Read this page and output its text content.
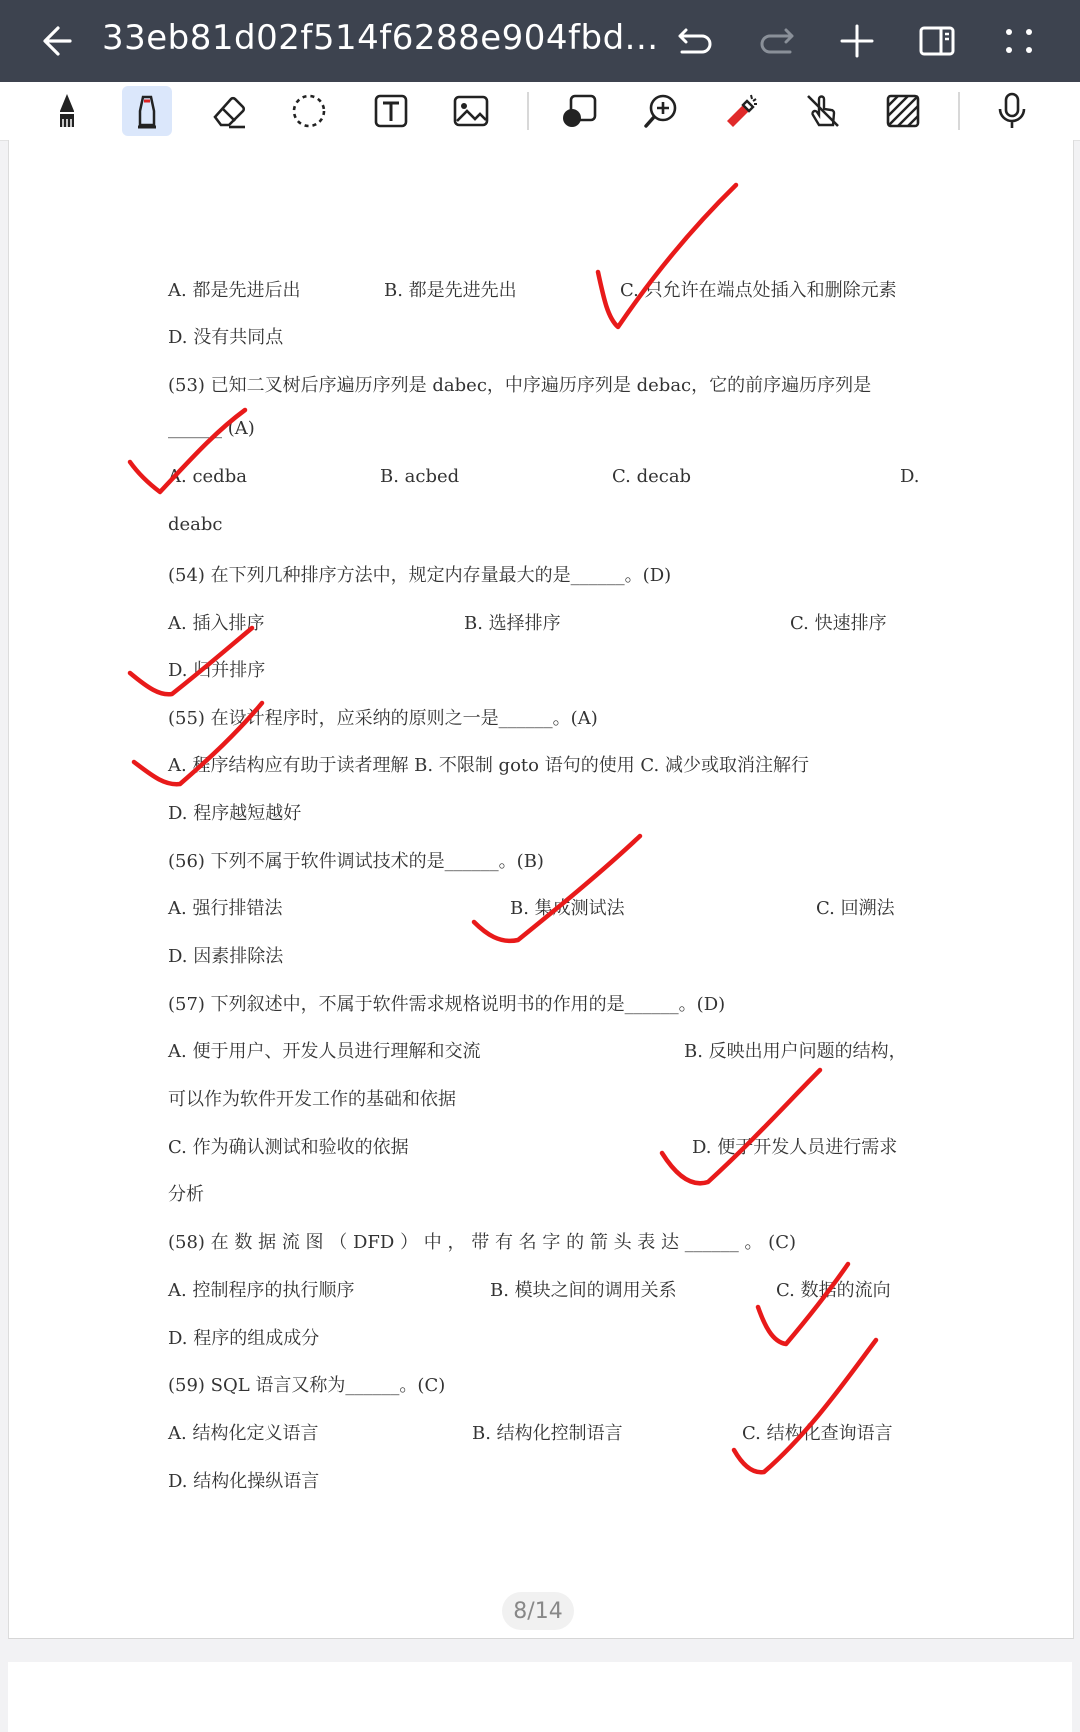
33eb81d02f514f6288e904fbd...
A. 都是先进后出	B. 都是先进先出	C. 只允许在端点处插入和删除元素
D. 没有共同点
(53) 已知二叉树后序遍历序列是 dabec，中序遍历序列是 debac，它的前序遍历序列是
______ (A)
A. cedba	B. acbed	C. decab	D.
deabc
(54) 在下列几种排序方法中，规定内存量最大的是______。(D)
A. 插入排序	B. 选择排序	C. 快速排序
D. 归并排序
(55) 在设计程序时，应采纳的原则之一是______。(A)
A. 程序结构应有助于读者理解 B. 不限制 goto 语句的使用 C. 减少或取消注解行
D. 程序越短越好
(56) 下列不属于软件调试技术的是______。(B)
A. 强行排错法	B. 集成测试法	C. 回溯法
D. 因素排除法
(57) 下列叙述中，不属于软件需求规格说明书的作用的是______。(D)
A. 便于用户、开发人员进行理解和交流	B. 反映出用户问题的结构，
可以作为软件开发工作的基础和依据
C. 作为确认测试和验收的依据	D. 便于开发人员进行需求
分析
(58) 在 数 据 流 图 （ DFD ） 中 ， 带 有 名 字 的 箭 头 表 达 ______ 。 (C)
A. 控制程序的执行顺序	B. 模块之间的调用关系	C. 数据的流向
D. 程序的组成成分
(59) SQL 语言又称为______。(C)
A. 结构化定义语言	B. 结构化控制语言	C. 结构化查询语言
D. 结构化操纵语言
8/14
